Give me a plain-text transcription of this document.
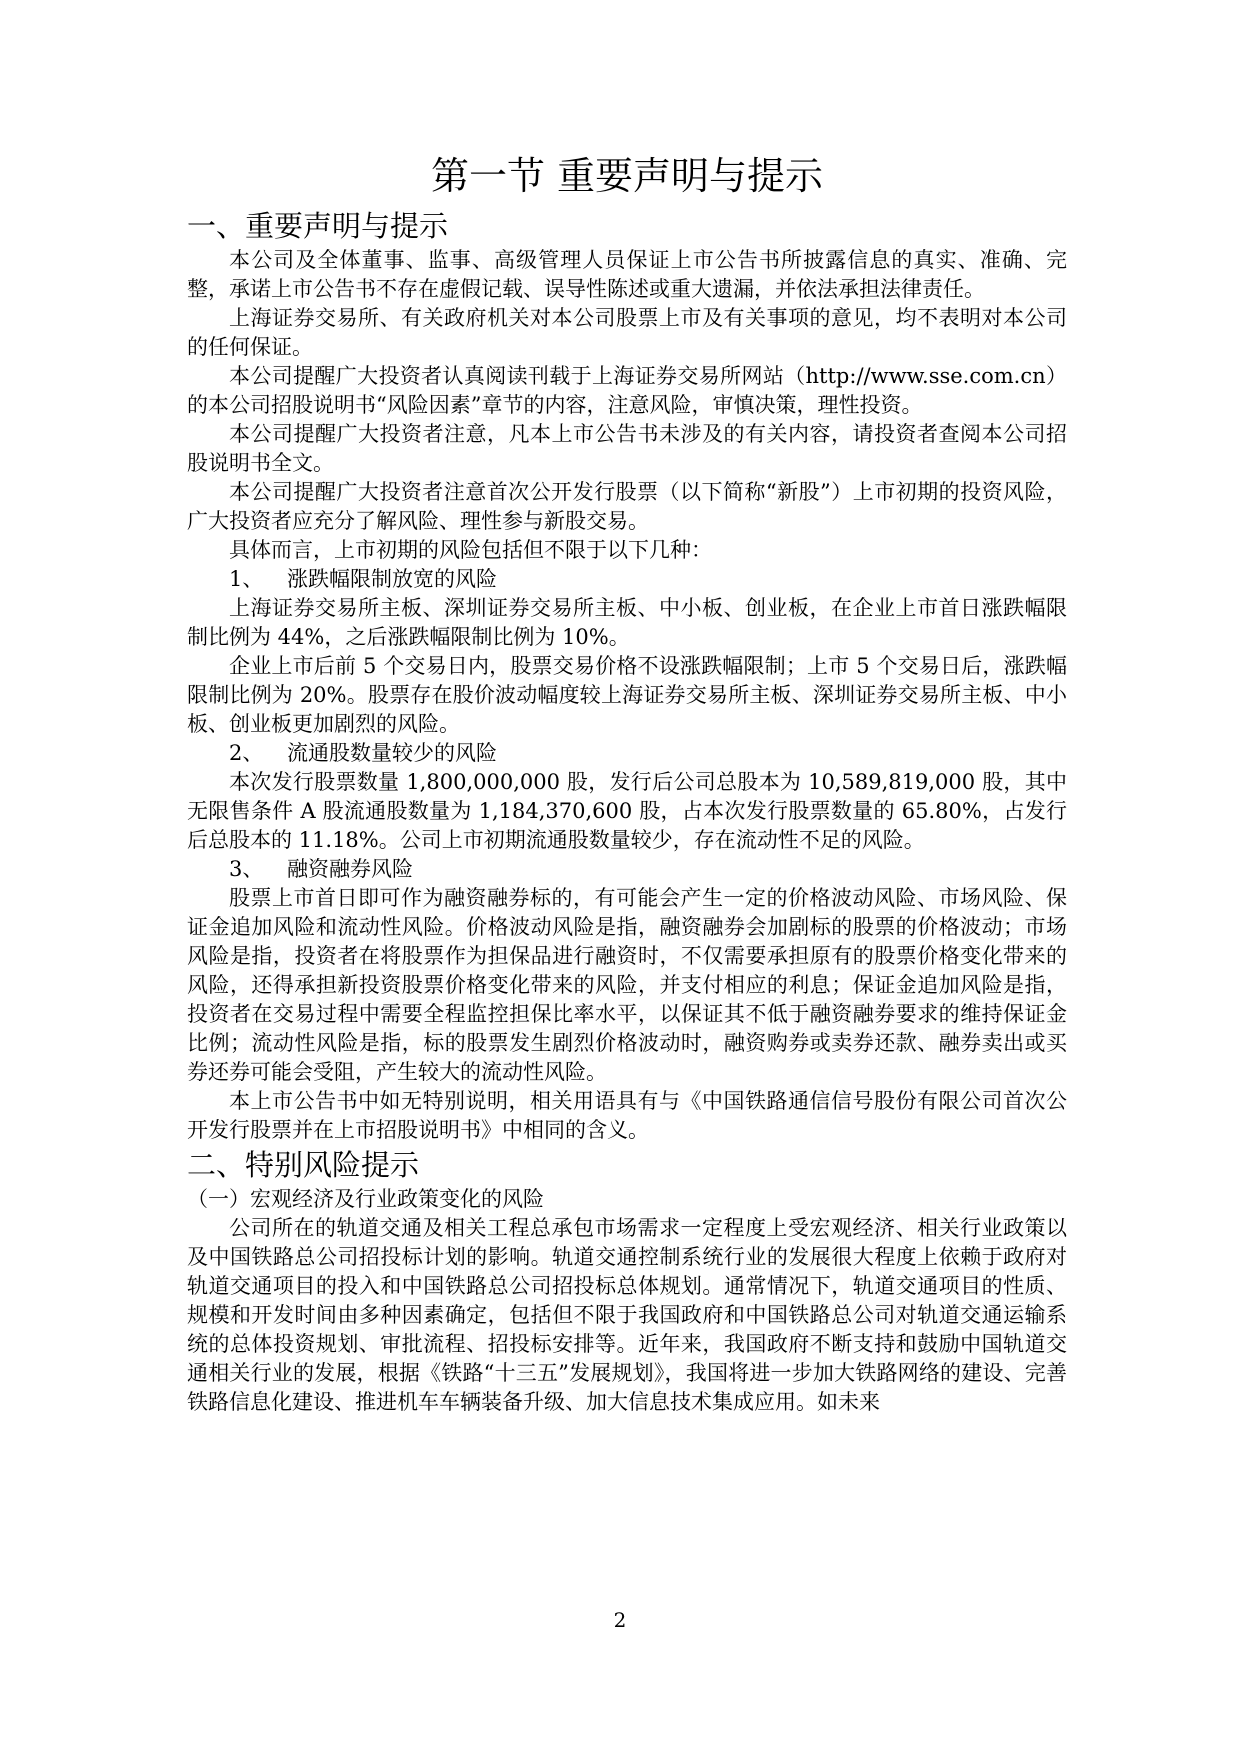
第一节 重要声明与提示
一、重要声明与提示

本公司及全体董事、监事、高级管理人员保证上市公告书所披露信息的真实、准确、完整，承诺上市公告书不存在虚假记载、误导性陈述或重大遗漏，并依法承担法律责任。

上海证券交易所、有关政府机关对本公司股票上市及有关事项的意见，均不表明对本公司的任何保证。

本公司提醒广大投资者认真阅读刊载于上海证券交易所网站（http://www.sse.com.cn）的本公司招股说明书“风险因素”章节的内容，注意风险，审慎决策，理性投资。

本公司提醒广大投资者注意，凡本上市公告书未涉及的有关内容，请投资者查阅本公司招股说明书全文。

本公司提醒广大投资者注意首次公开发行股票（以下简称“新股”）上市初期的投资风险，广大投资者应充分了解风险、理性参与新股交易。

具体而言，上市初期的风险包括但不限于以下几种：

1、 涨跌幅限制放宽的风险

上海证券交易所主板、深圳证券交易所主板、中小板、创业板，在企业上市首日涨跌幅限制比例为 44%，之后涨跌幅限制比例为 10%。

企业上市后前 5 个交易日内，股票交易价格不设涨跌幅限制；上市 5 个交易日后，涨跌幅限制比例为 20%。股票存在股价波动幅度较上海证券交易所主板、深圳证券交易所主板、中小板、创业板更加剧烈的风险。

2、 流通股数量较少的风险

本次发行股票数量 1,800,000,000 股，发行后公司总股本为 10,589,819,000 股，其中无限售条件 A 股流通股数量为 1,184,370,600 股，占本次发行股票数量的 65.80%，占发行后总股本的 11.18%。公司上市初期流通股数量较少，存在流动性不足的风险。

3、 融资融券风险

股票上市首日即可作为融资融券标的，有可能会产生一定的价格波动风险、市场风险、保证金追加风险和流动性风险。价格波动风险是指，融资融券会加剧标的股票的价格波动；市场风险是指，投资者在将股票作为担保品进行融资时，不仅需要承担原有的股票价格变化带来的风险，还得承担新投资股票价格变化带来的风险，并支付相应的利息；保证金追加风险是指，投资者在交易过程中需要全程监控担保比率水平，以保证其不低于融资融券要求的维持保证金比例；流动性风险是指，标的股票发生剧烈价格波动时，融资购券或卖券还款、融券卖出或买券还券可能会受阻，产生较大的流动性风险。

本上市公告书中如无特别说明，相关用语具有与《中国铁路通信信号股份有限公司首次公开发行股票并在上市招股说明书》中相同的含义。

二、特别风险提示
（一）宏观经济及行业政策变化的风险

公司所在的轨道交通及相关工程总承包市场需求一定程度上受宏观经济、相关行业政策以及中国铁路总公司招投标计划的影响。轨道交通控制系统行业的发展很大程度上依赖于政府对轨道交通项目的投入和中国铁路总公司招投标总体规划。通常情况下，轨道交通项目的性质、规模和开发时间由多种因素确定，包括但不限于我国政府和中国铁路总公司对轨道交通运输系统的总体投资规划、审批流程、招投标安排等。近年来，我国政府不断支持和鼓励中国轨道交通相关行业的发展，根据《铁路“十三五”发展规划》，我国将进一步加大铁路网络的建设、完善铁路信息化建设、推进机车车辆装备升级、加大信息技术集成应用。如未来

2
